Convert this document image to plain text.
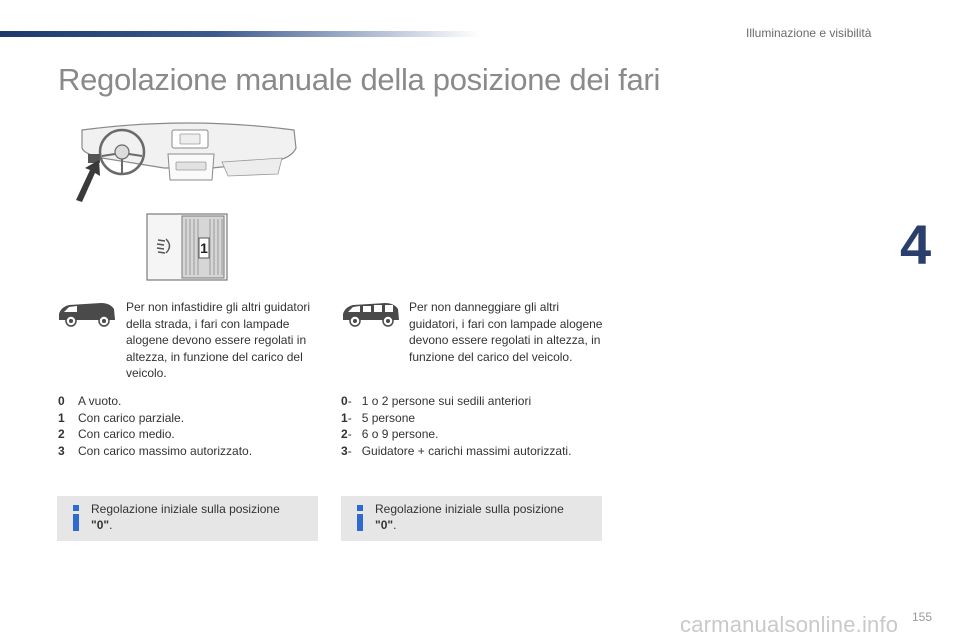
Illuminazione e visibilità
Regolazione manuale della posizione dei fari
4
1

Per non infastidire gli altri guidatori della strada, i fari con lampade alogene devono essere regolati in altezza, in funzione del carico del veicolo.

Per non danneggiare gli altri guidatori, i fari con lampade alogene devono essere regolati in altezza, in funzione del carico del veicolo.

0 A vuoto.
1 Con carico parziale.
2 Con carico medio.
3 Con carico massimo autorizzato.
0- 1 o 2 persone sui sedili anteriori
1- 5 persone
2- 6 o 9 persone.
3- Guidatore + carichi massimi autorizzati.
Regolazione iniziale sulla posizione
"0".
Regolazione iniziale sulla posizione
"0".
155
carmanualsonline.info
